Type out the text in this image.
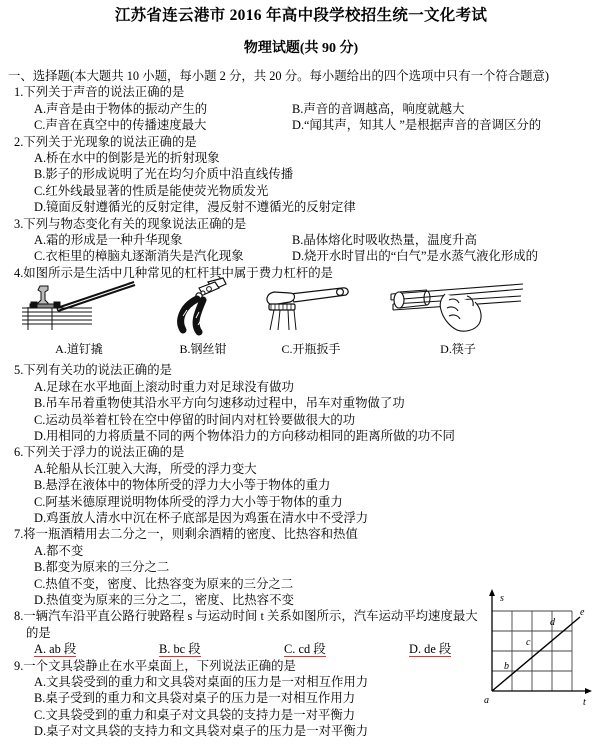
江苏省连云港市 2016 年高中段学校招生统一文化考试
物理试题(共 90 分)
一、选择题(本大题共 10 小题，每小题 2 分，共 20 分。每小题给出的四个选项中只有一个符合题意)
1.下列关于声音的说法正确的是
A.声音是由于物体的振动产生的	B.声音的音调越高，响度就越大
C.声音在真空中的传播速度最大	D.“闻其声，知其人 ”是根据声音的音调区分的
2.下列关于光现象的说法正确的是
A.桥在水中的倒影是光的折射现象
B.影子的形成说明了光在均匀介质中沿直线传播
C.红外线最显著的性质是能使荧光物质发光
D.镜面反射遵循光的反射定律，漫反射不遵循光的反射定律
3.下列与物态变化有关的现象说法正确的是
A.霜的形成是一种升华现象	B.晶体熔化时吸收热量，温度升高
C.衣柜里的樟脑丸逐渐消失是汽化现象	D.烧开水时冒出的“白气”是水蒸气液化形成的
4.如图所示是生活中几种常见的杠杆其中属于费力杠杆的是
A.道钉撬	B.钢丝钳	C.开瓶扳手	D.筷子
5.下列有关功的说法正确的是
A.足球在水平地面上滚动时重力对足球没有做功
B.吊车吊着重物使其沿水平方向匀速移动过程中，吊车对重物做了功
C.运动员举着杠铃在空中停留的时间内对杠铃要做很大的功
D.用相同的力将质量不同的两个物体沿力的方向移动相同的距离所做的功不同
6.下列关于浮力的说法正确的是
A.轮船从长江驶入大海，所受的浮力变大
B.悬浮在液体中的物体所受的浮力大小等于物体的重力
C.阿基米德原理说明物体所受的浮力大小等于物体的重力
D.鸡蛋放人清水中沉在杯子底部是因为鸡蛋在清水中不受浮力
7.将一瓶酒精用去二分之一，则剩余酒精的密度、比热容和热值
A.都不变
B.都变为原来的三分之二
C.热值不变，密度、比热容变为原来的三分之二
D.热值变为原来的三分之二，密度、比热容不变
8.一辆汽车沿平直公路行驶路程 s 与运动时间 t 关系如图所示，汽车运动平均速度最大
的是
A. ab 段	B. bc 段	C. cd 段	D. de 段
9.一个文具袋静止在水平桌面上，下列说法正确的是
A.文具袋受到的重力和文具袋对桌面的压力是一对相互作用力
B.桌子受到的重力和文具袋对桌子的压力是一对相互作用力
C.文具袋受到的重力和桌子对文具袋的支持力是一对平衡力
D.桌子对文具袋的支持力和文具袋对桌子的压力是一对平衡力
s
t
a
b
c
d
e
